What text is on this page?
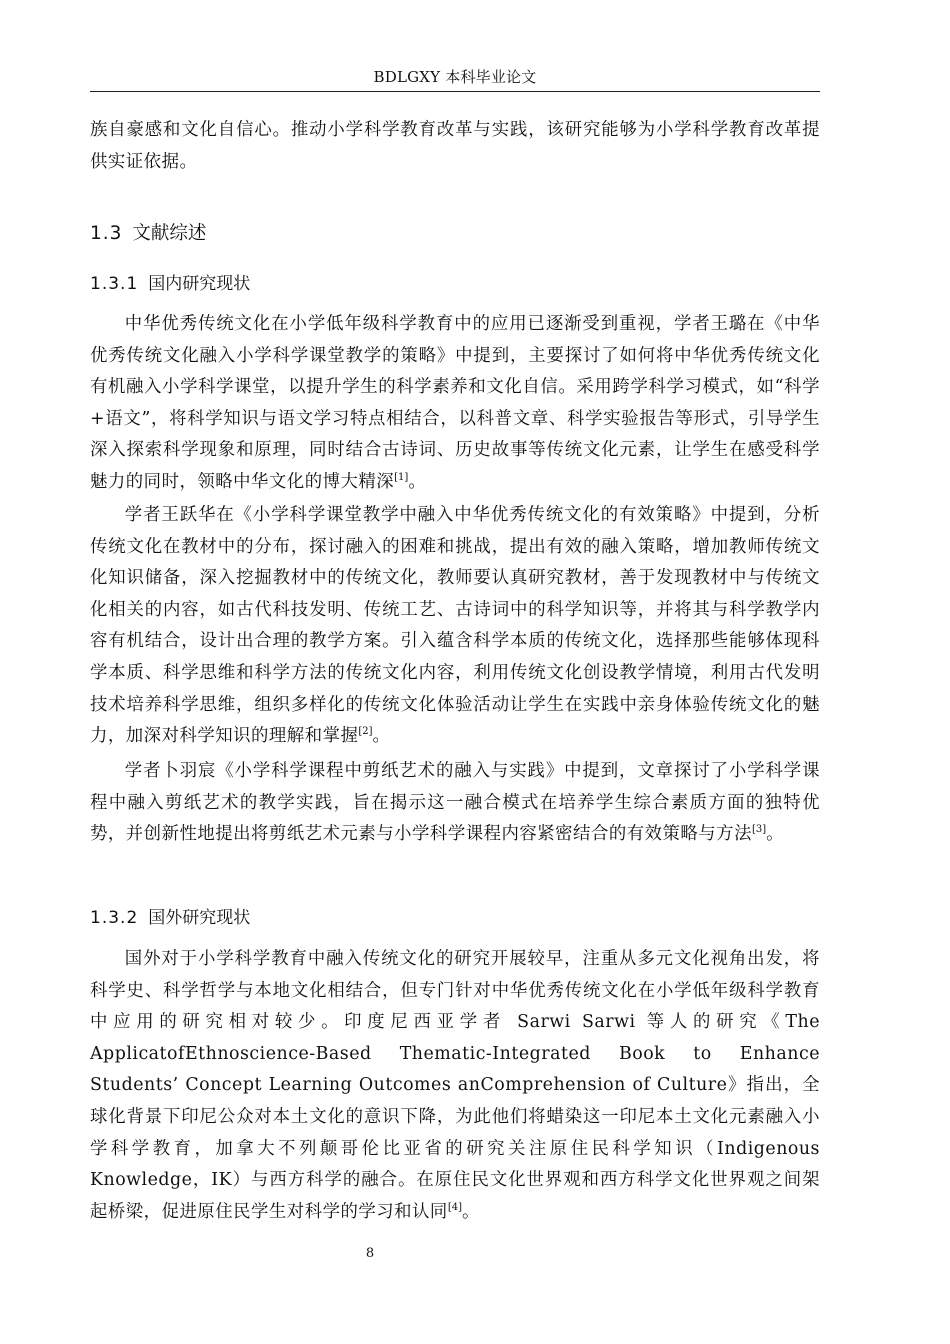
BDLGXY 本科毕业论文

族自豪感和文化自信心。推动小学科学教育改革与实践，该研究能够为小学科学教育改革提供实证依据。

1.3 文献综述
1.3.1 国内研究现状

中华优秀传统文化在小学低年级科学教育中的应用已逐渐受到重视，学者王璐在《中华优秀传统文化融入小学科学课堂教学的策略》中提到，主要探讨了如何将中华优秀传统文化有机融入小学科学课堂，以提升学生的科学素养和文化自信。采用跨学科学习模式，如“科学+语文”，将科学知识与语文学习特点相结合，以科普文章、科学实验报告等形式，引导学生深入探索科学现象和原理，同时结合古诗词、历史故事等传统文化元素，让学生在感受科学魅力的同时，领略中华文化的博大精深[1]。

学者王跃华在《小学科学课堂教学中融入中华优秀传统文化的有效策略》中提到，分析传统文化在教材中的分布，探讨融入的困难和挑战，提出有效的融入策略，增加教师传统文化知识储备，深入挖掘教材中的传统文化，教师要认真研究教材，善于发现教材中与传统文化相关的内容，如古代科技发明、传统工艺、古诗词中的科学知识等，并将其与科学教学内容有机结合，设计出合理的教学方案。引入蕴含科学本质的传统文化，选择那些能够体现科学本质、科学思维和科学方法的传统文化内容，利用传统文化创设教学情境，利用古代发明技术培养科学思维，组织多样化的传统文化体验活动让学生在实践中亲身体验传统文化的魅力，加深对科学知识的理解和掌握[2]。

学者卜羽宸《小学科学课程中剪纸艺术的融入与实践》中提到，文章探讨了小学科学课程中融入剪纸艺术的教学实践，旨在揭示这一融合模式在培养学生综合素质方面的独特优势，并创新性地提出将剪纸艺术元素与小学科学课程内容紧密结合的有效策略与方法[3]。

1.3.2 国外研究现状

国外对于小学科学教育中融入传统文化的研究开展较早，注重从多元文化视角出发，将科学史、科学哲学与本地文化相结合，但专门针对中华优秀传统文化在小学低年级科学教育中应用的研究相对较少。印度尼西亚学者 Sarwi Sarwi 等人的研究《The ApplicatofEthnoscience-Based Thematic-Integrated Book to Enhance Students’ Concept Learning Outcomes anComprehension of Culture》指出，全球化背景下印尼公众对本土文化的意识下降，为此他们将蜡染这一印尼本土文化元素融入小学科学教育，加拿大不列颠哥伦比亚省的研究关注原住民科学知识（Indigenous Knowledge，IK）与西方科学的融合。在原住民文化世界观和西方科学文化世界观之间架起桥梁，促进原住民学生对科学的学习和认同[4]。

8
